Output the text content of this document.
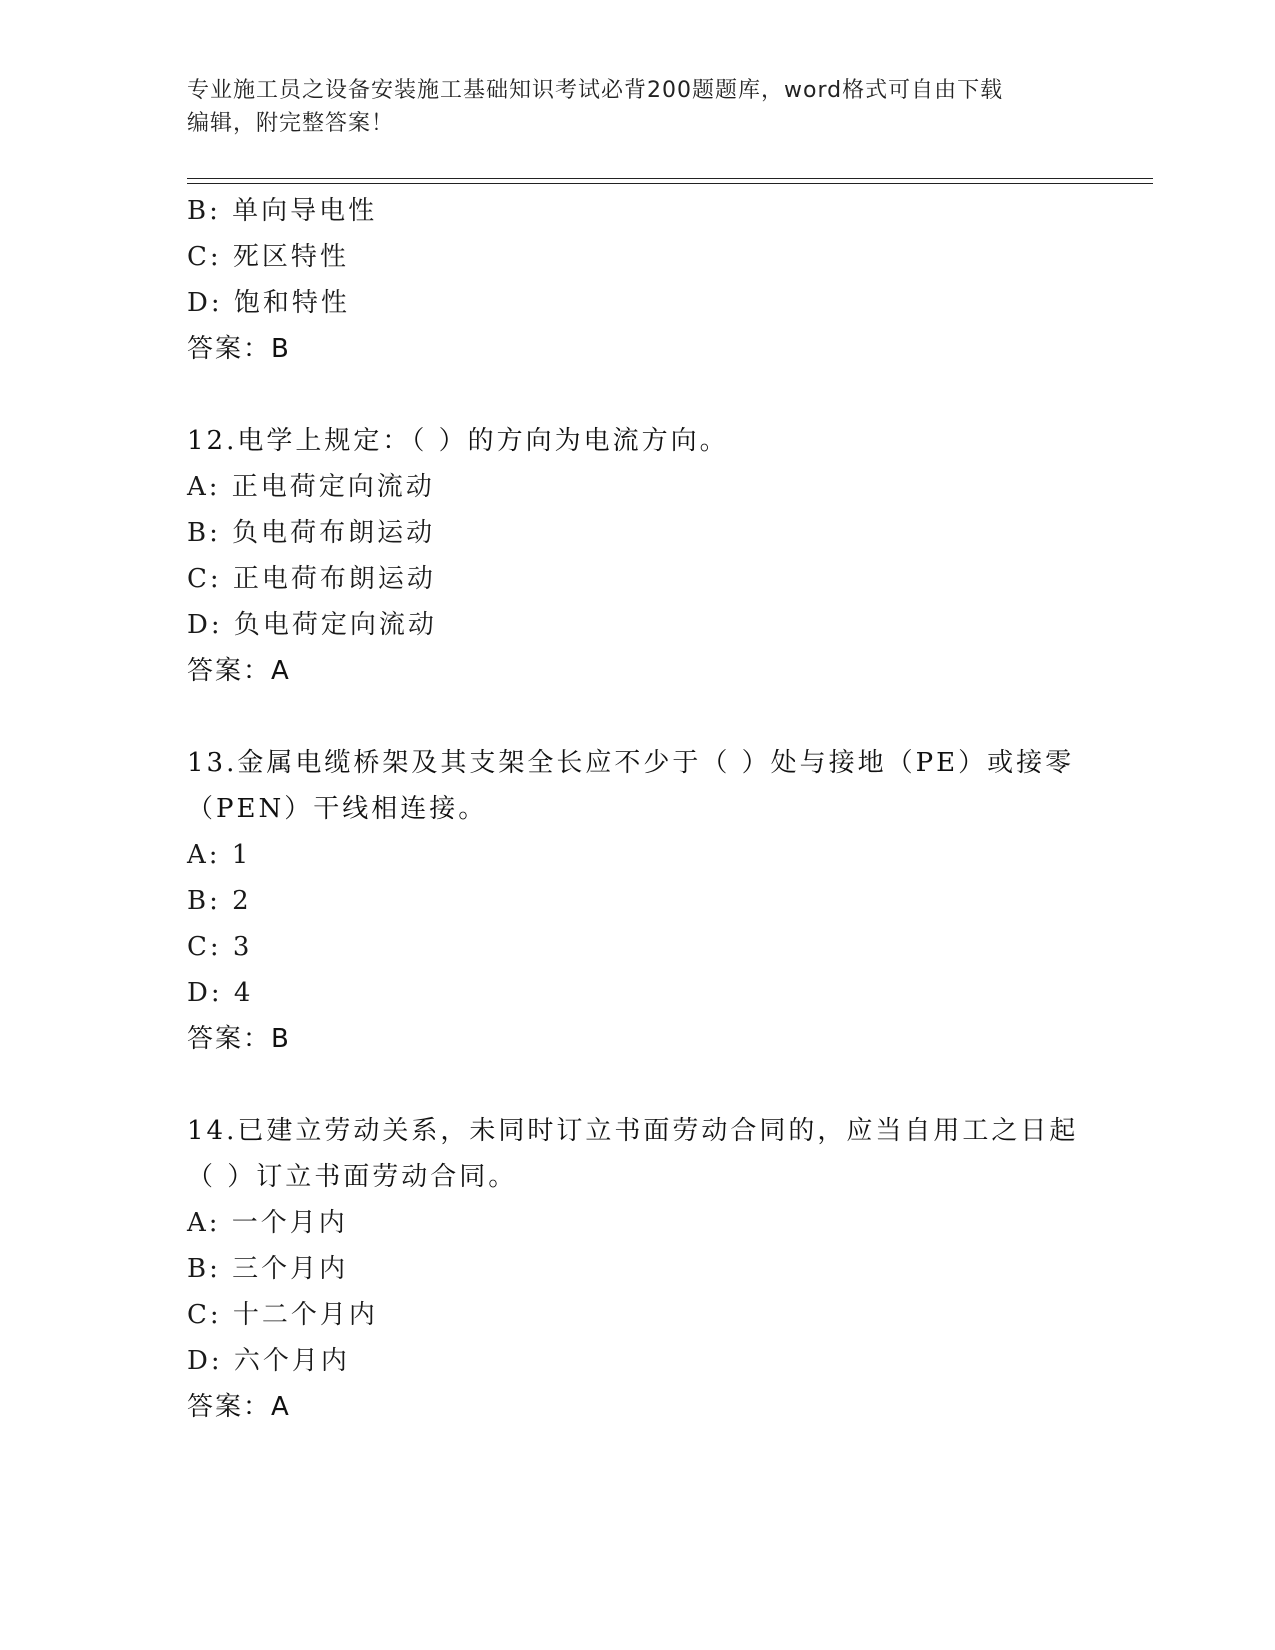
专业施工员之设备安装施工基础知识考试必背200题题库，word格式可自由下载
编辑，附完整答案！
B: 单向导电性
C: 死区特性
D: 饱和特性
答案：B
12.电学上规定：（ ）的方向为电流方向。
A: 正电荷定向流动
B: 负电荷布朗运动
C: 正电荷布朗运动
D: 负电荷定向流动
答案：A
13.金属电缆桥架及其支架全长应不少于（ ）处与接地（PE）或接零
（PEN）干线相连接。
A: 1
B: 2
C: 3
D: 4
答案：B
14.已建立劳动关系，未同时订立书面劳动合同的，应当自用工之日起
（ ）订立书面劳动合同。
A: 一个月内
B: 三个月内
C: 十二个月内
D: 六个月内
答案：A
